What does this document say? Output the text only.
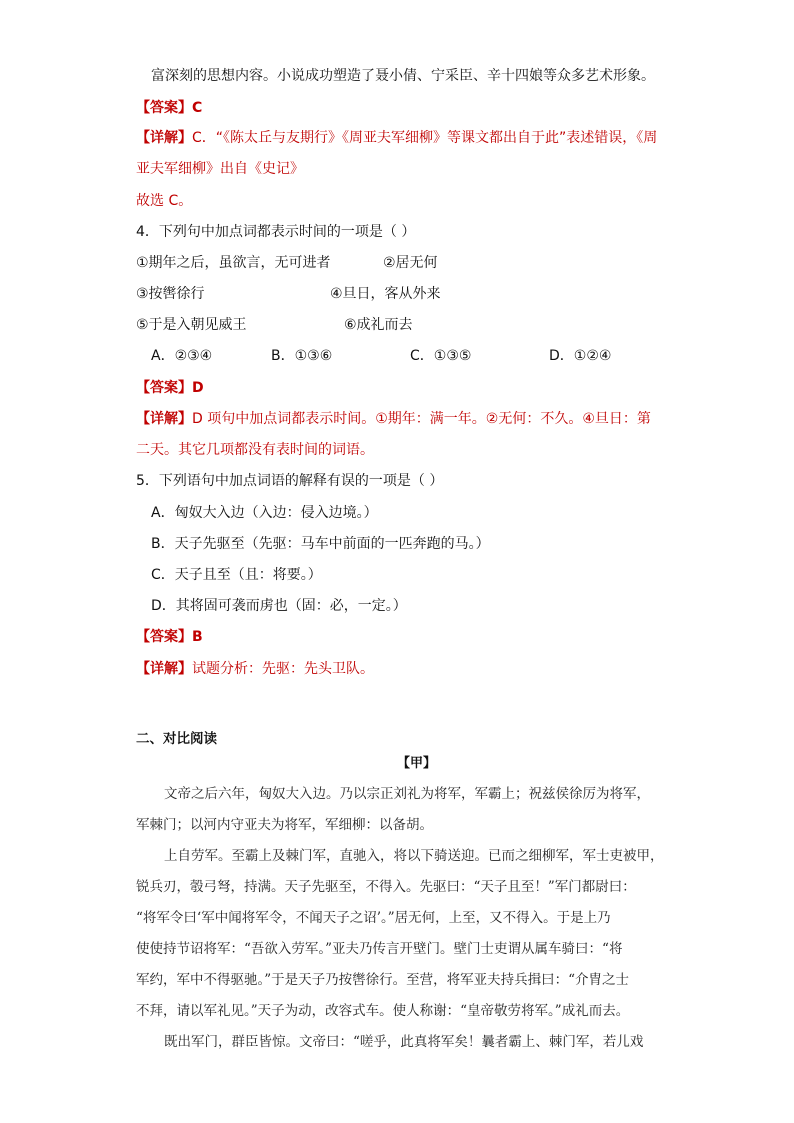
富深刻的思想内容。小说成功塑造了聂小倩、宁采臣、辛十四娘等众多艺术形象。
【答案】C
【详解】C．“《陈太丘与友期行》《周亚夫军细柳》等课文都出自于此”表述错误，《周
亚夫军细柳》出自《史记》
故选 C。
4．下列句中加点词都表示时间的一项是（ ）
①期年之后，虽欲言，无可进者	②居无何
③按辔徐行	④旦日，客从外来
⑤于是入朝见威王	⑥成礼而去
A．②③④	B．①③⑥	C．①③⑤	D．①②④
【答案】D
【详解】D 项句中加点词都表示时间。①期年：满一年。②无何：不久。④旦日：第
二天。其它几项都没有表时间的词语。
5．下列语句中加点词语的解释有误的一项是（ ）
A．匈奴大入边（入边：侵入边境。）
B．天子先驱至（先驱：马车中前面的一匹奔跑的马。）
C．天子且至（且：将要。）
D．其将固可袭而虏也（固：必，一定。）
【答案】B
【详解】试题分析：先驱：先头卫队。
二、对比阅读
【甲】
文帝之后六年，匈奴大入边。乃以宗正刘礼为将军，军霸上；祝兹侯徐厉为将军，
军棘门；以河内守亚夫为将军，军细柳：以备胡。
上自劳军。至霸上及棘门军，直驰入，将以下骑送迎。已而之细柳军，军士吏被甲，
锐兵刃，彀弓弩，持满。天子先驱至，不得入。先驱曰：“天子且至！”军门都尉曰：
“将军令曰‘军中闻将军令，不闻天子之诏’。”居无何，上至，又不得入。于是上乃
使使持节诏将军：“吾欲入劳军。”亚夫乃传言开壁门。壁门士吏谓从属车骑曰：“将
军约，军中不得驱驰。”于是天子乃按辔徐行。至营，将军亚夫持兵揖曰：“介胄之士
不拜，请以军礼见。”天子为动，改容式车。使人称谢：“皇帝敬劳将军。”成礼而去。
既出军门，群臣皆惊。文帝曰：“嗟乎，此真将军矣！曩者霸上、棘门军，若儿戏
